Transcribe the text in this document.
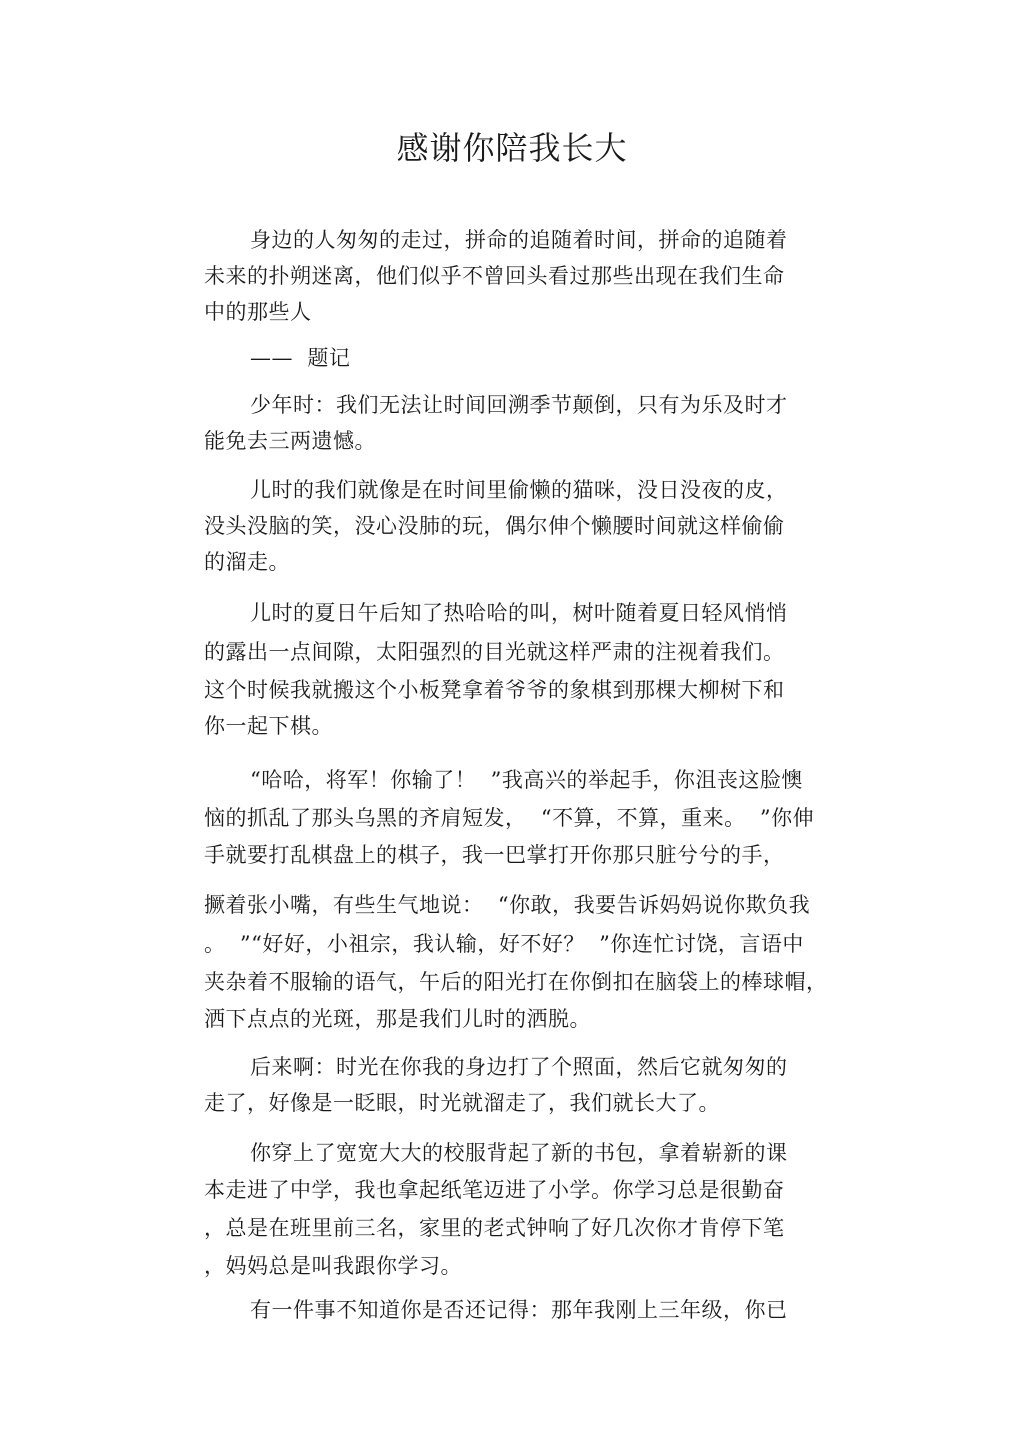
感谢你陪我长大

身边的人匆匆的走过，拼命的追随着时间，拼命的追随着

未来的扑朔迷离，他们似乎不曾回头看过那些出现在我们生命

中的那些人

——  题记

少年时：我们无法让时间回溯季节颠倒，只有为乐及时才

能免去三两遗憾。

儿时的我们就像是在时间里偷懒的猫咪，没日没夜的皮，

没头没脑的笑，没心没肺的玩，偶尔伸个懒腰时间就这样偷偷

的溜走。

儿时的夏日午后知了热哈哈的叫，树叶随着夏日轻风悄悄

的露出一点间隙，太阳强烈的目光就这样严肃的注视着我们。

这个时候我就搬这个小板凳拿着爷爷的象棋到那棵大柳树下和

你一起下棋。

“哈哈，将军！你输了！  ”我高兴的举起手，你沮丧这脸懊

恼的抓乱了那头乌黑的齐肩短发，  “不算，不算，重来。  ”你伸

手就要打乱棋盘上的棋子，我一巴掌打开你那只脏兮兮的手，

撅着张小嘴，有些生气地说：  “你敢，我要告诉妈妈说你欺负我

。  ”“好好，小祖宗，我认输，好不好？  ”你连忙讨饶，言语中

夹杂着不服输的语气，午后的阳光打在你倒扣在脑袋上的棒球帽，

洒下点点的光斑，那是我们儿时的洒脱。

后来啊：时光在你我的身边打了个照面，然后它就匆匆的

走了，好像是一眨眼，时光就溜走了，我们就长大了。

你穿上了宽宽大大的校服背起了新的书包，拿着崭新的课

本走进了中学，我也拿起纸笔迈进了小学。你学习总是很勤奋

，总是在班里前三名，家里的老式钟响了好几次你才肯停下笔

，妈妈总是叫我跟你学习。

有一件事不知道你是否还记得：那年我刚上三年级，你已
